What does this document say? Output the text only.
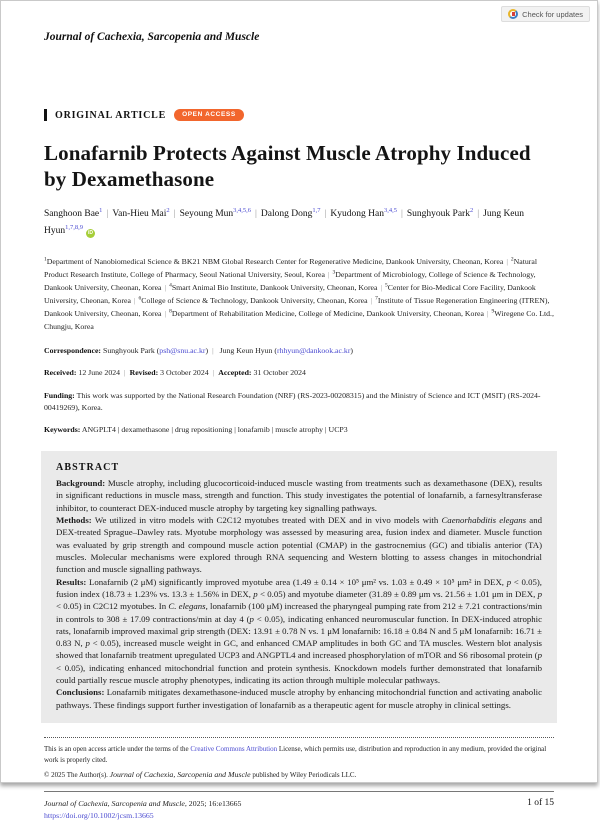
Check for updates
Journal of Cachexia, Sarcopenia and Muscle
ORIGINAL ARTICLE	OPEN ACCESS
Lonafarnib Protects Against Muscle Atrophy Induced by Dexamethasone
Sanghoon Bae$^1$ | Van-Hieu Mai$^2$ | Seyoung Mun$^{3,4,5,6}$ | Dalong Dong$^{1,7}$ | Kyudong Han$^{3,4,5}$ | Sunghyouk Park$^2$ | Jung Keun Hyun$^{1,7,8,9}$iD
$^1$Department of Nanobiomedical Science & BK21 NBM Global Research Center for Regenerative Medicine, Dankook University, Cheonan, Korea | $^2$Natural Product Research Institute, College of Pharmacy, Seoul National University, Seoul, Korea | $^3$Department of Microbiology, College of Science & Technology, Dankook University, Cheonan, Korea | $^4$Smart Animal Bio Institute, Dankook University, Cheonan, Korea | $^5$Center for Bio-Medical Core Facility, Dankook University, Cheonan, Korea | $^6$College of Science & Technology, Dankook University, Cheonan, Korea | $^7$Institute of Tissue Regeneration Engineering (ITREN), Dankook University, Cheonan, Korea | $^8$Department of Rehabilitation Medicine, College of Medicine, Dankook University, Cheonan, Korea | $^9$Wiregene Co. Ltd., Chungju, Korea
Correspondence: Sunghyouk Park (psh@snu.ac.kr) | Jung Keun Hyun (rhhyun@dankook.ac.kr)
Received: 12 June 2024 | Revised: 3 October 2024 | Accepted: 31 October 2024
Funding: This work was supported by the National Research Foundation (NRF) (RS-2023-00208315) and the Ministry of Science and ICT (MSIT) (RS-2024-00419269), Korea.
Keywords: ANGPLT4 | dexamethasone | drug repositioning | lonafarnib | muscle atrophy | UCP3
ABSTRACT

Background: Muscle atrophy, including glucocorticoid-induced muscle wasting from treatments such as dexamethasone (DEX), results in significant reductions in muscle mass, strength and function. This study investigates the potential of lonafarnib, a farnesyltransferase inhibitor, to counteract DEX-induced muscle atrophy by targeting key signalling pathways.

Methods: We utilized in vitro models with C2C12 myotubes treated with DEX and in vivo models with Caenorhabditis elegans and DEX-treated Sprague–Dawley rats. Myotube morphology was assessed by measuring area, fusion index and diameter. Muscle function was evaluated by grip strength and compound muscle action potential (CMAP) in the gastrocnemius (GC) and tibialis anterior (TA) muscles. Molecular mechanisms were explored through RNA sequencing and Western blotting to assess changes in mitochondrial function and muscle signalling pathways.

Results: Lonafarnib (2 μM) significantly improved myotube area (1.49 ± 0.14 × 10⁵ μm² vs. 1.03 ± 0.49 × 10⁵ μm² in DEX, p < 0.05), fusion index (18.73 ± 1.23% vs. 13.3 ± 1.56% in DEX, p < 0.05) and myotube diameter (31.89 ± 0.89 μm vs. 21.56 ± 1.01 μm in DEX, p < 0.05) in C2C12 myotubes. In C. elegans, lonafarnib (100 μM) increased the pharyngeal pumping rate from 212 ± 7.21 contractions/min in controls to 308 ± 17.09 contractions/min at day 4 (p < 0.05), indicating enhanced neuromuscular function. In DEX-induced atrophic rats, lonafarnib improved maximal grip strength (DEX: 13.91 ± 0.78 N vs. 1 μM lonafarnib: 16.18 ± 0.84 N and 5 μM lonafarnib: 16.71 ± 0.83 N, p < 0.05), increased muscle weight in GC, and enhanced CMAP amplitudes in both GC and TA muscles. Western blot analysis showed that lonafarnib treatment upregulated UCP3 and ANGPTL4 and increased phosphorylation of mTOR and S6 ribosomal protein (p < 0.05), indicating enhanced mitochondrial function and protein synthesis. Knockdown models further demonstrated that lonafarnib could partially rescue muscle atrophy phenotypes, indicating its action through multiple molecular pathways.

Conclusions: Lonafarnib mitigates dexamethasone-induced muscle atrophy by enhancing mitochondrial function and activating anabolic pathways. These findings support further investigation of lonafarnib as a therapeutic agent for muscle atrophy in clinical settings.

This is an open access article under the terms of the Creative Commons Attribution License, which permits use, distribution and reproduction in any medium, provided the original work is properly cited.
© 2025 The Author(s). Journal of Cachexia, Sarcopenia and Muscle published by Wiley Periodicals LLC.
Journal of Cachexia, Sarcopenia and Muscle, 2025; 16:e13665
https://doi.org/10.1002/jcsm.13665
1 of 15
